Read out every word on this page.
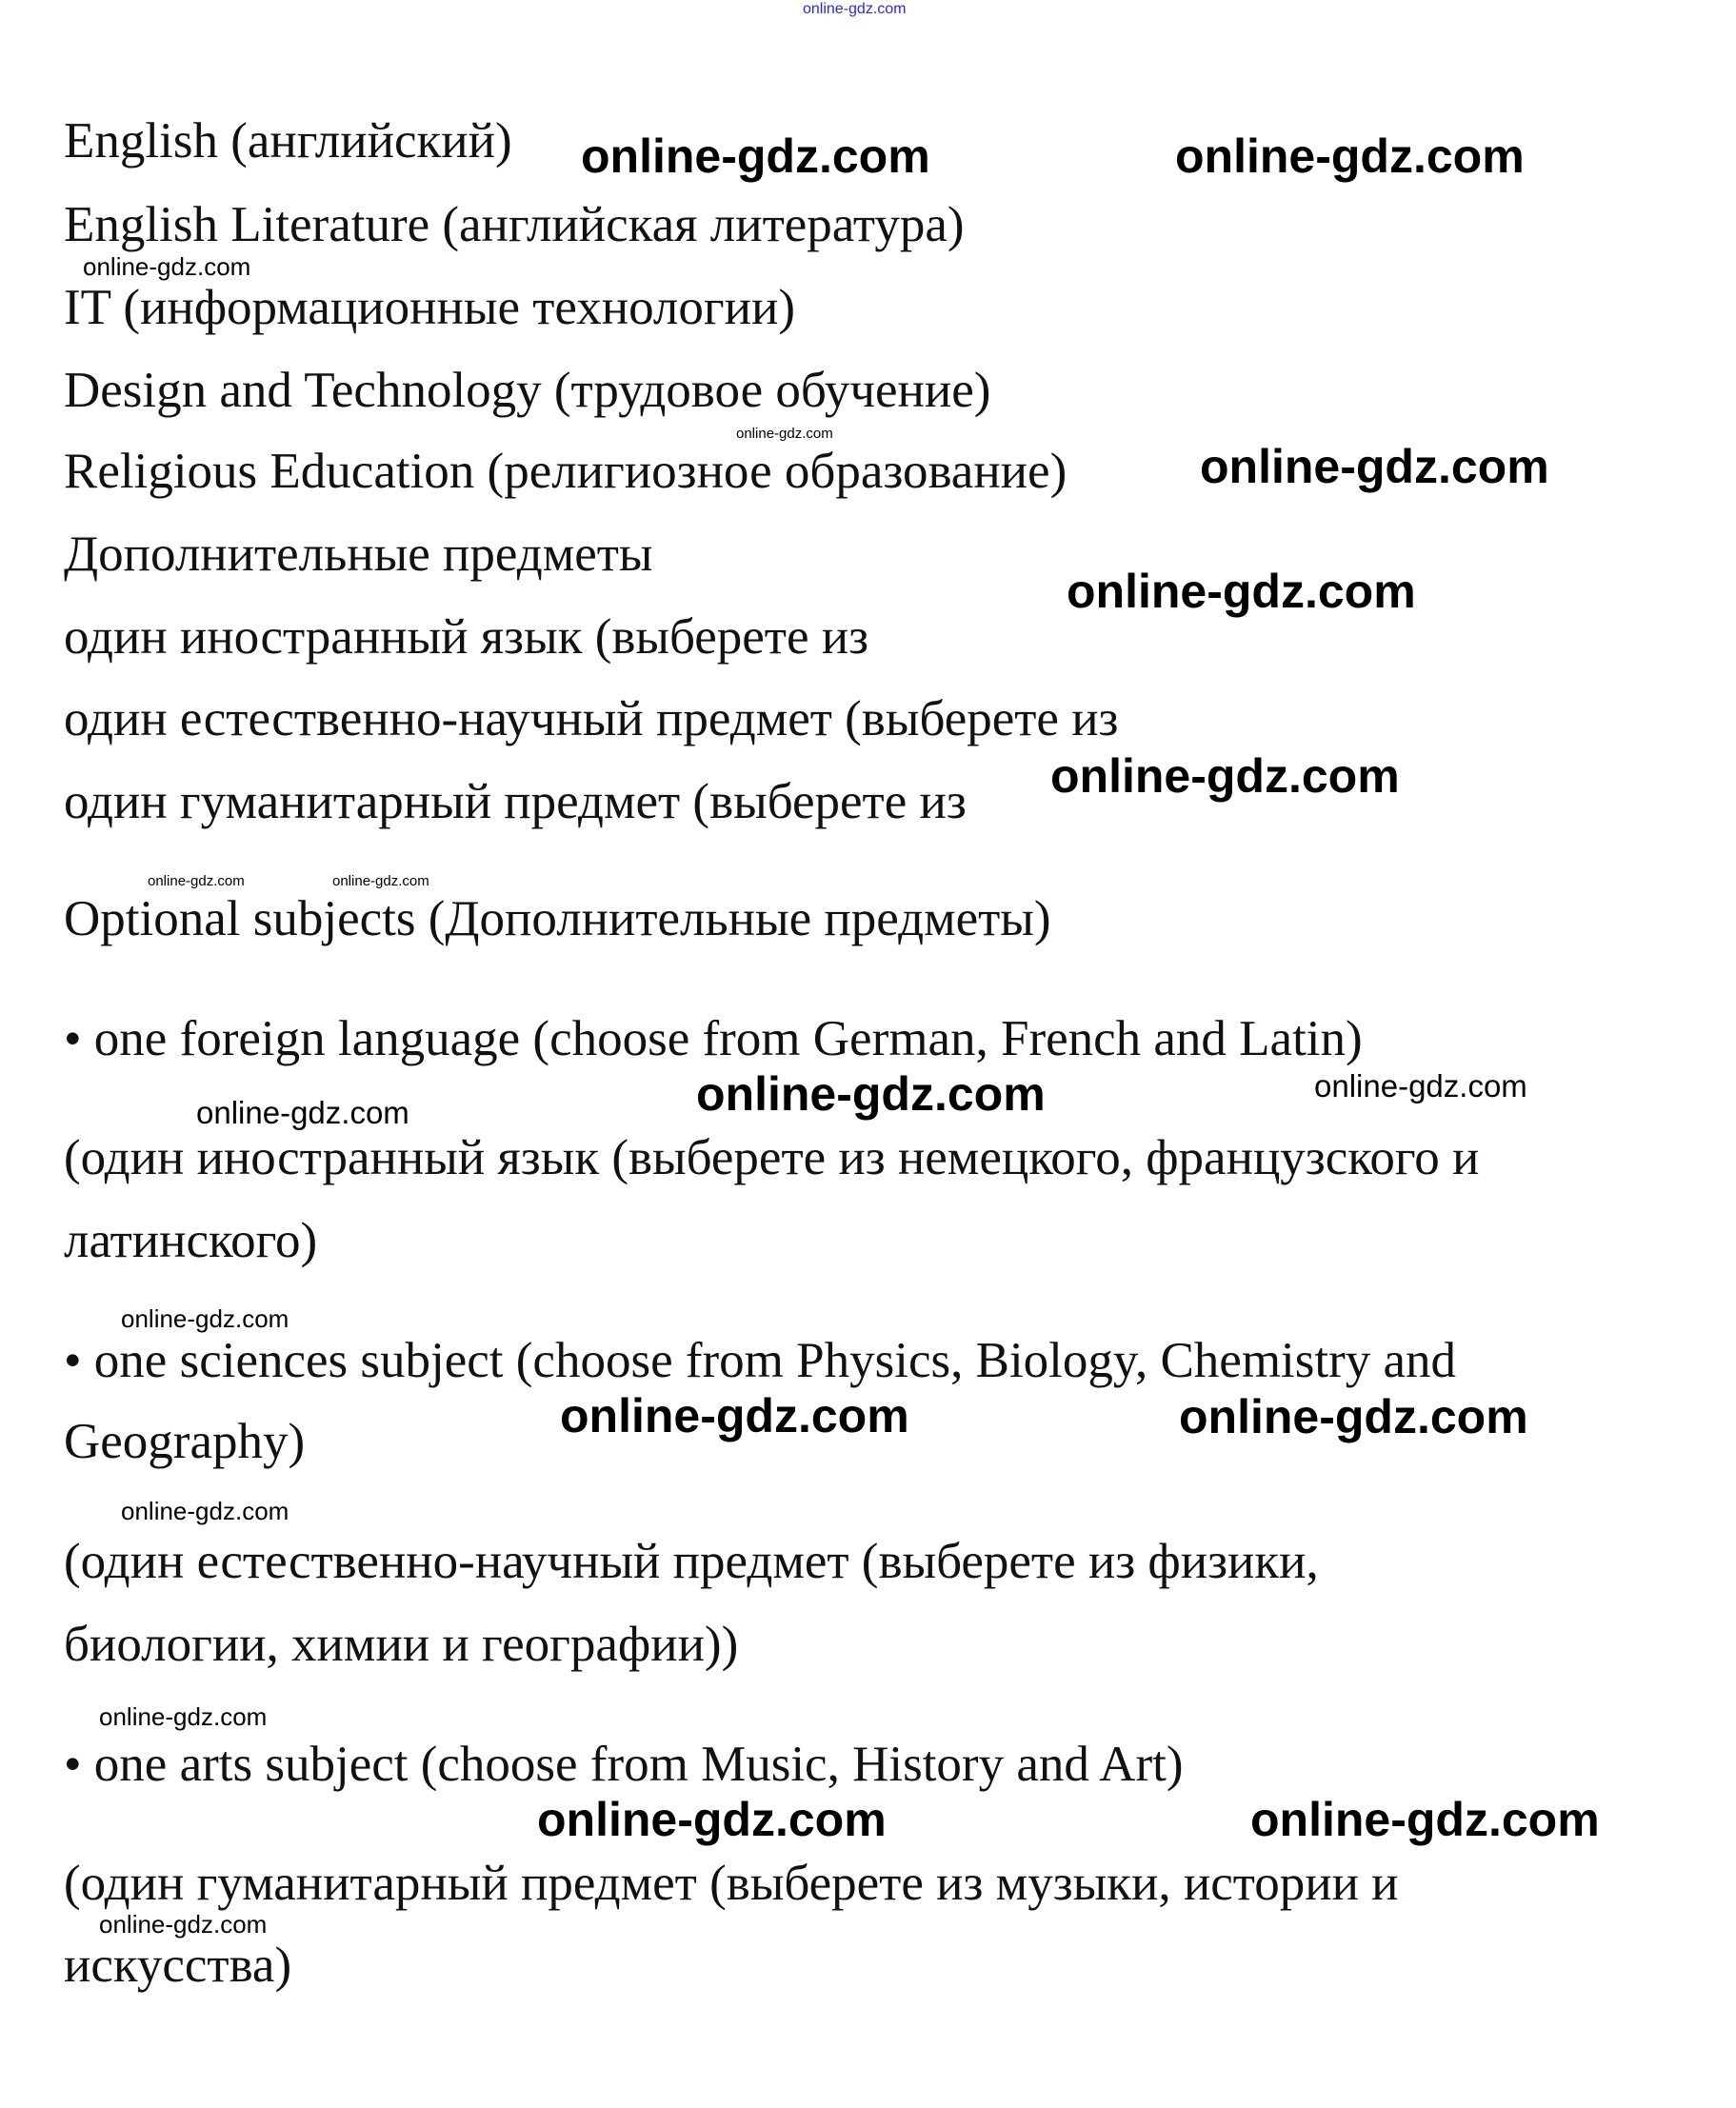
online-gdz.com
English (английский)
English Literature (английская литература)
IT (информационные технологии)
Design and Technology (трудовое обучение)
Religious Education (религиозное образование)
Дополнительные предметы
один иностранный язык (выберете из
один естественно-научный предмет (выберете из
один гуманитарный предмет (выберете из
Optional subjects (Дополнительные предметы)
• one foreign language (choose from German, French and Latin)
(один иностранный язык (выберете из немецкого, французского и
латинского)
• one sciences subject (choose from Physics, Biology, Chemistry and
Geography)
(один естественно-научный предмет (выберете из физики,
биологии, химии и географии))
• one arts subject (choose from Music, History and Art)
(один гуманитарный предмет (выберете из музыки, истории и
искусства)
online-gdz.com	online-gdz.com
online-gdz.com
online-gdz.com
online-gdz.com
online-gdz.com
online-gdz.com	online-gdz.com
online-gdz.com	online-gdz.com
online-gdz.com
online-gdz.com
online-gdz.com
online-gdz.com
online-gdz.com
online-gdz.com
online-gdz.com
online-gdz.com
online-gdz.com	online-gdz.com
